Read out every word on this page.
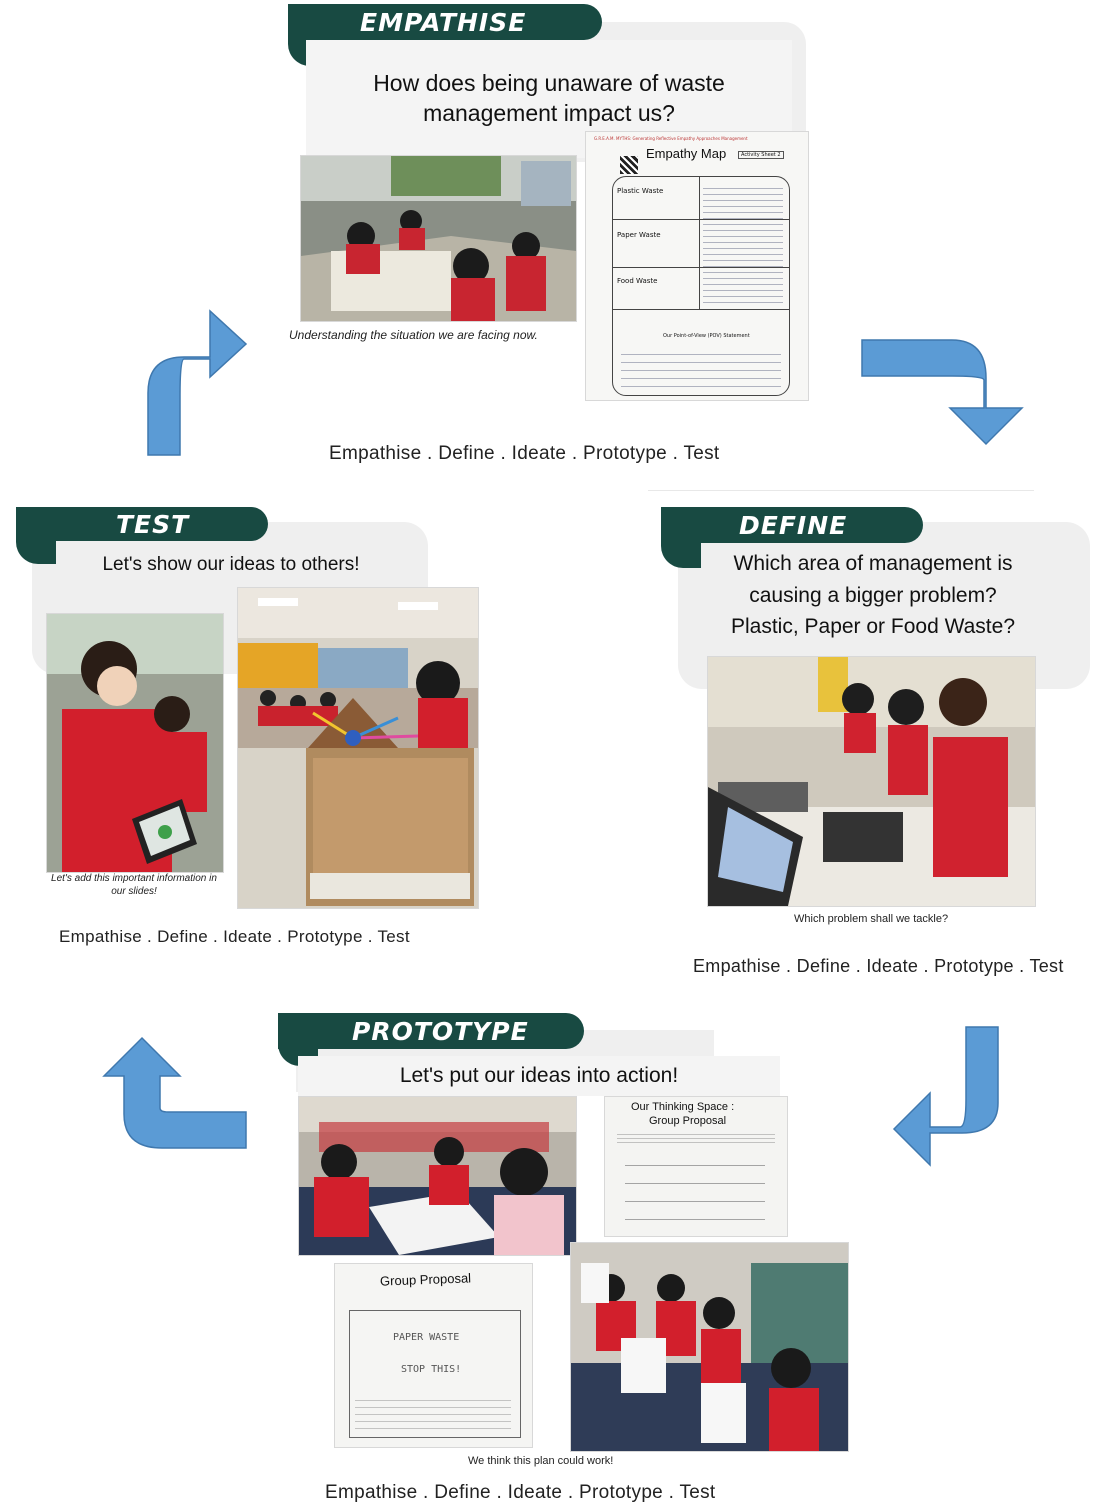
EMPATHISE
How does being unaware of waste management impact us?
Understanding the situation we are facing now.
G.R.E.A.M. MYTHS: Generating Reflective Empathy Approaches Management
Empathy Map	Activity Sheet 2
Plastic Waste
Paper Waste
Food Waste
Our Point-of-View (POV) Statement
Empathise . Define . Ideate . Prototype . Test
DEFINE
Which area of management is causing a bigger problem? Plastic, Paper or Food Waste?
Which problem shall we tackle?
Empathise . Define . Ideate . Prototype . Test
TEST
Let's show our ideas to others!
Let's add this important information in our slides!
Empathise . Define . Ideate . Prototype . Test
PROTOTYPE
Let's put our ideas into action!
Our Thinking Space :
Group Proposal
Group Proposal
PAPER WASTE
STOP THIS!
We think this plan could work!
Empathise . Define . Ideate . Prototype . Test
